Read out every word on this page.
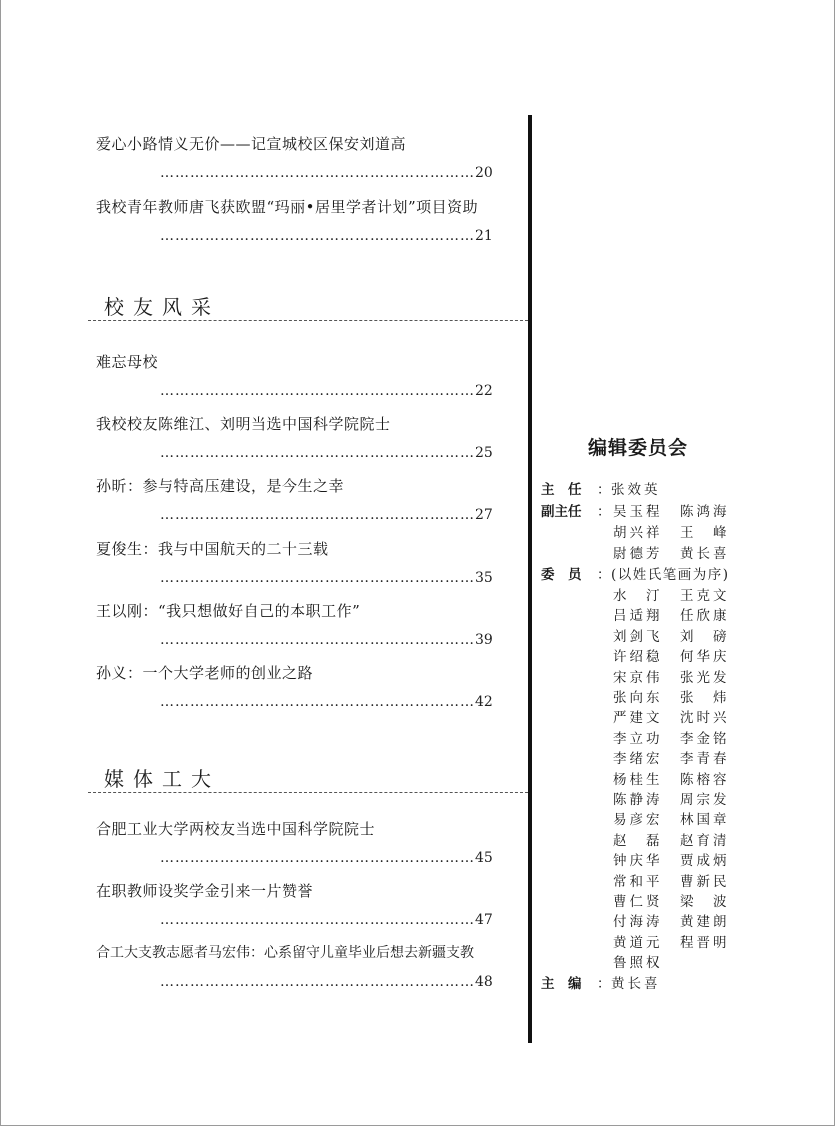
爱心小路情义无价——记宣城校区保安刘道高
………………………………………………………20
我校青年教师唐飞获欧盟“玛丽•居里学者计划”项目资助
………………………………………………………21
校友风采
难忘母校
………………………………………………………22
我校校友陈维江、刘明当选中国科学院院士
………………………………………………………25
孙昕：参与特高压建设，是今生之幸
………………………………………………………27
夏俊生：我与中国航天的二十三载
………………………………………………………35
王以刚：“我只想做好自己的本职工作”
………………………………………………………39
孙义：一个大学老师的创业之路
………………………………………………………42
媒体工大
合肥工业大学两校友当选中国科学院院士
………………………………………………………45
在职教师设奖学金引来一片赞誉
………………………………………………………47
合工大支教志愿者马宏伟：心系留守儿童毕业后想去新疆支教
………………………………………………………48
编辑委员会
主　任 ： 张效英
副主任 ： 吴玉程 陈鸿海
胡兴祥 王　峰
尉德芳 黄长喜
委　员 ： (以姓氏笔画为序)
水　汀 王克文
吕适翔 任欣康
刘剑飞 刘　磅
许绍稳 何华庆
宋京伟 张光发
张向东 张　炜
严建文 沈时兴
李立功 李金铭
李绪宏 李青春
杨桂生 陈榕容
陈静涛 周宗发
易彦宏 林国章
赵　磊 赵育清
钟庆华 贾成炳
常和平 曹新民
曹仁贤 梁　波
付海涛 黄建朗
黄道元 程晋明
鲁照权
主　编 ： 黄长喜
